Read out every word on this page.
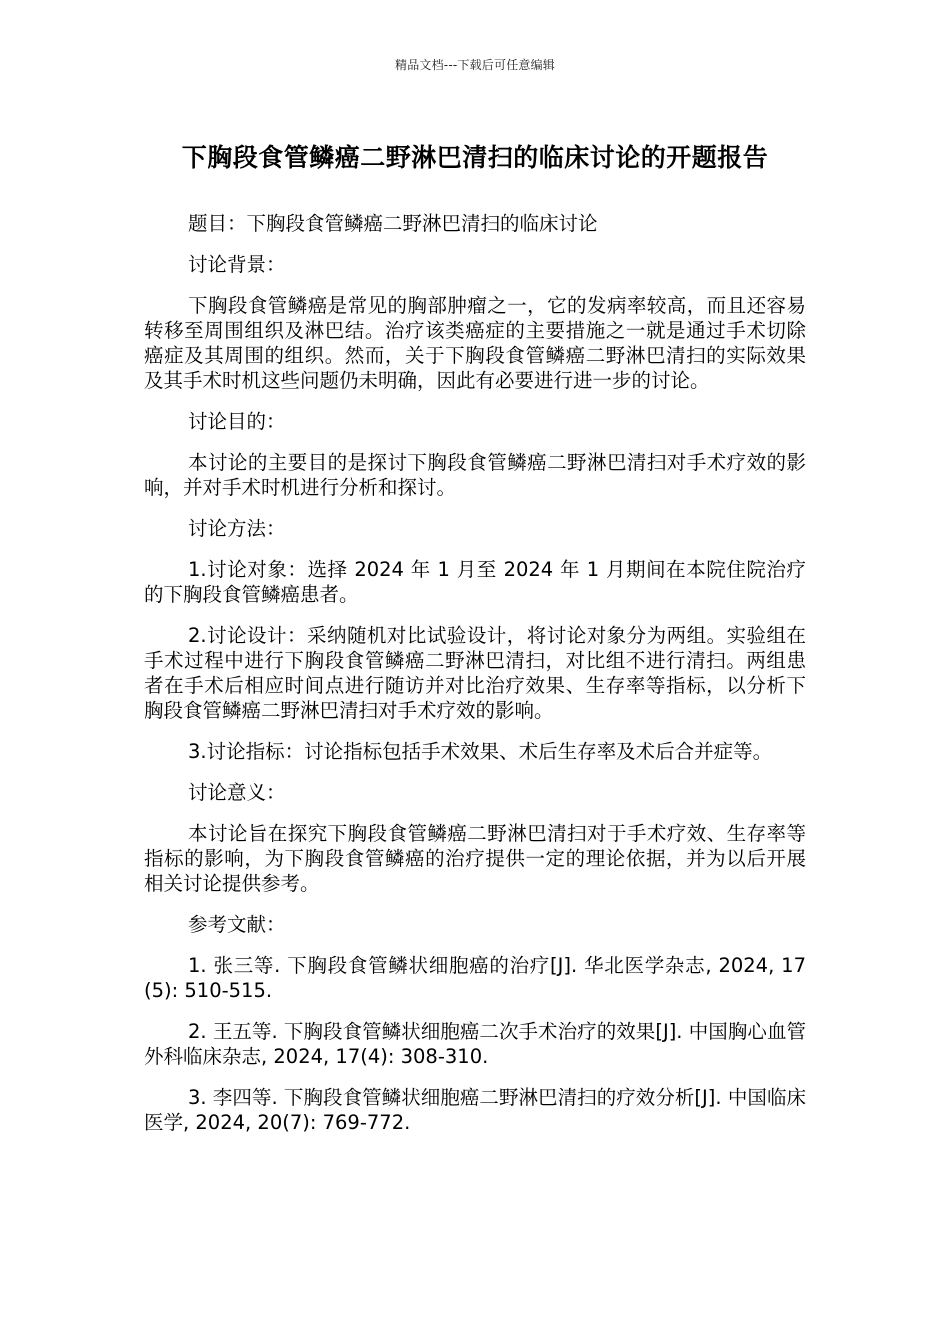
精品文档---下载后可任意编辑
下胸段食管鳞癌二野淋巴清扫的临床讨论的开题报告

题目：下胸段食管鳞癌二野淋巴清扫的临床讨论

讨论背景：

下胸段食管鳞癌是常见的胸部肿瘤之一，它的发病率较高，而且还容易转移至周围组织及淋巴结。治疗该类癌症的主要措施之一就是通过手术切除癌症及其周围的组织。然而，关于下胸段食管鳞癌二野淋巴清扫的实际效果及其手术时机这些问题仍未明确，因此有必要进行进一步的讨论。

讨论目的：

本讨论的主要目的是探讨下胸段食管鳞癌二野淋巴清扫对手术疗效的影响，并对手术时机进行分析和探讨。

讨论方法：

1.讨论对象：选择 2024 年 1 月至 2024 年 1 月期间在本院住院治疗的下胸段食管鳞癌患者。

2.讨论设计：采纳随机对比试验设计，将讨论对象分为两组。实验组在手术过程中进行下胸段食管鳞癌二野淋巴清扫，对比组不进行清扫。两组患者在手术后相应时间点进行随访并对比治疗效果、生存率等指标，以分析下胸段食管鳞癌二野淋巴清扫对手术疗效的影响。

3.讨论指标：讨论指标包括手术效果、术后生存率及术后合并症等。

讨论意义：

本讨论旨在探究下胸段食管鳞癌二野淋巴清扫对于手术疗效、生存率等指标的影响，为下胸段食管鳞癌的治疗提供一定的理论依据，并为以后开展相关讨论提供参考。

参考文献：

1. 张三等. 下胸段食管鳞状细胞癌的治疗[J]. 华北医学杂志, 2024, 17(5): 510-515.

2. 王五等. 下胸段食管鳞状细胞癌二次手术治疗的效果[J]. 中国胸心血管外科临床杂志, 2024, 17(4): 308-310.

3. 李四等. 下胸段食管鳞状细胞癌二野淋巴清扫的疗效分析[J]. 中国临床医学, 2024, 20(7): 769-772.
